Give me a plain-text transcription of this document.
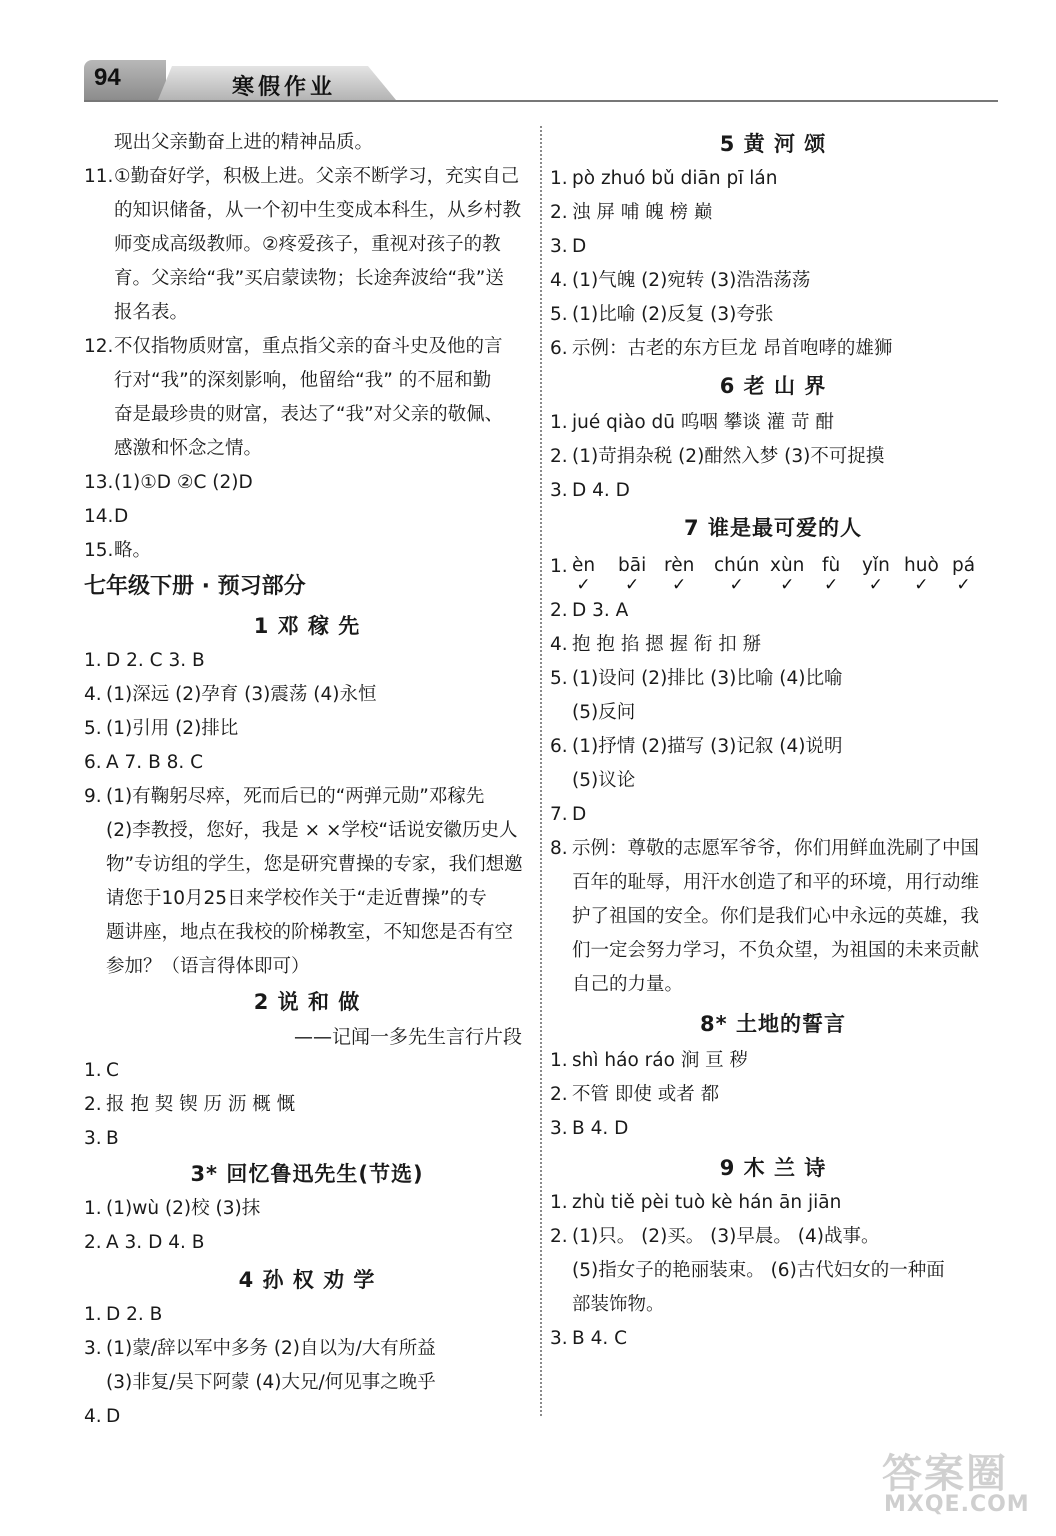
94	寒假作业
现出父亲勤奋上进的精神品质。
11. ①勤奋好学，积极上进。父亲不断学习，充实自己
的知识储备，从一个初中生变成本科生，从乡村教
师变成高级教师。②疼爱孩子，重视对孩子的教
育。父亲给“我”买启蒙读物；长途奔波给“我”送
报名表。
12. 不仅指物质财富，重点指父亲的奋斗史及他的言
行对“我”的深刻影响，他留给“我” 的不屈和勤
奋是最珍贵的财富，表达了“我”对父亲的敬佩、
感激和怀念之情。
13. (1)①D ②C (2)D
14. D
15. 略。
七年级下册 · 预习部分
1 邓 稼 先
1. D 2. C 3. B
4. (1)深远 (2)孕育 (3)震荡 (4)永恒
5. (1)引用 (2)排比
6. A 7. B 8. C
9. (1)有鞠躬尽瘁，死而后已的“两弹元勋”邓稼先
(2)李教授，您好，我是 × ×学校“话说安徽历史人
物”专访组的学生，您是研究曹操的专家，我们想邀
请您于10月25日来学校作关于“走近曹操”的专
题讲座，地点在我校的阶梯教室，不知您是否有空
参加？（语言得体即可）
2 说 和 做
——记闻一多先生言行片段
1. C
2. 报 抱 契 锲 历 沥 概 慨
3. B
3* 回忆鲁迅先生(节选)
1. (1)wù (2)校 (3)抹
2. A 3. D 4. B
4 孙 权 劝 学
1. D 2. B
3. (1)蒙/辞以军中多务 (2)自以为/大有所益
(3)非复/吴下阿蒙 (4)大兄/何见事之晚乎
4. D
5 黄 河 颂
1. pò zhuó bǔ diān pī lán
2. 浊 屏 哺 魄 榜 巅
3. D
4. (1)气魄 (2)宛转 (3)浩浩荡荡
5. (1)比喻 (2)反复 (3)夸张
6. 示例：古老的东方巨龙 昂首咆哮的雄狮
6 老 山 界
1. jué qiào dū 呜咽 攀谈 灌 苛 酣
2. (1)苛捐杂税 (2)酣然入梦 (3)不可捉摸
3. D 4. D
7 谁是最可爱的人
1. èn
✓
bāi
✓
rèn
✓
chún
✓
xùn
✓
fù
✓
yǐn
✓
huò
✓
pá
✓
2. D 3. A
4. 抱 抱 掐 摁 握 衔 扣 掰
5. (1)设问 (2)排比 (3)比喻 (4)比喻
(5)反问
6. (1)抒情 (2)描写 (3)记叙 (4)说明
(5)议论
7. D
8. 示例：尊敬的志愿军爷爷，你们用鲜血洗刷了中国
百年的耻辱，用汗水创造了和平的环境，用行动维
护了祖国的安全。你们是我们心中永远的英雄，我
们一定会努力学习，不负众望，为祖国的未来贡献
自己的力量。
8* 土地的誓言
1. shì háo ráo 涧 亘 秽
2. 不管 即使 或者 都
3. B 4. D
9 木 兰 诗
1. zhù tiě pèi tuò kè hán ān jiān
2. (1)只。 (2)买。 (3)早晨。 (4)战事。
(5)指女子的艳丽装束。 (6)古代妇女的一种面
部装饰物。
3. B 4. C
答案圈
MXQE.COM
